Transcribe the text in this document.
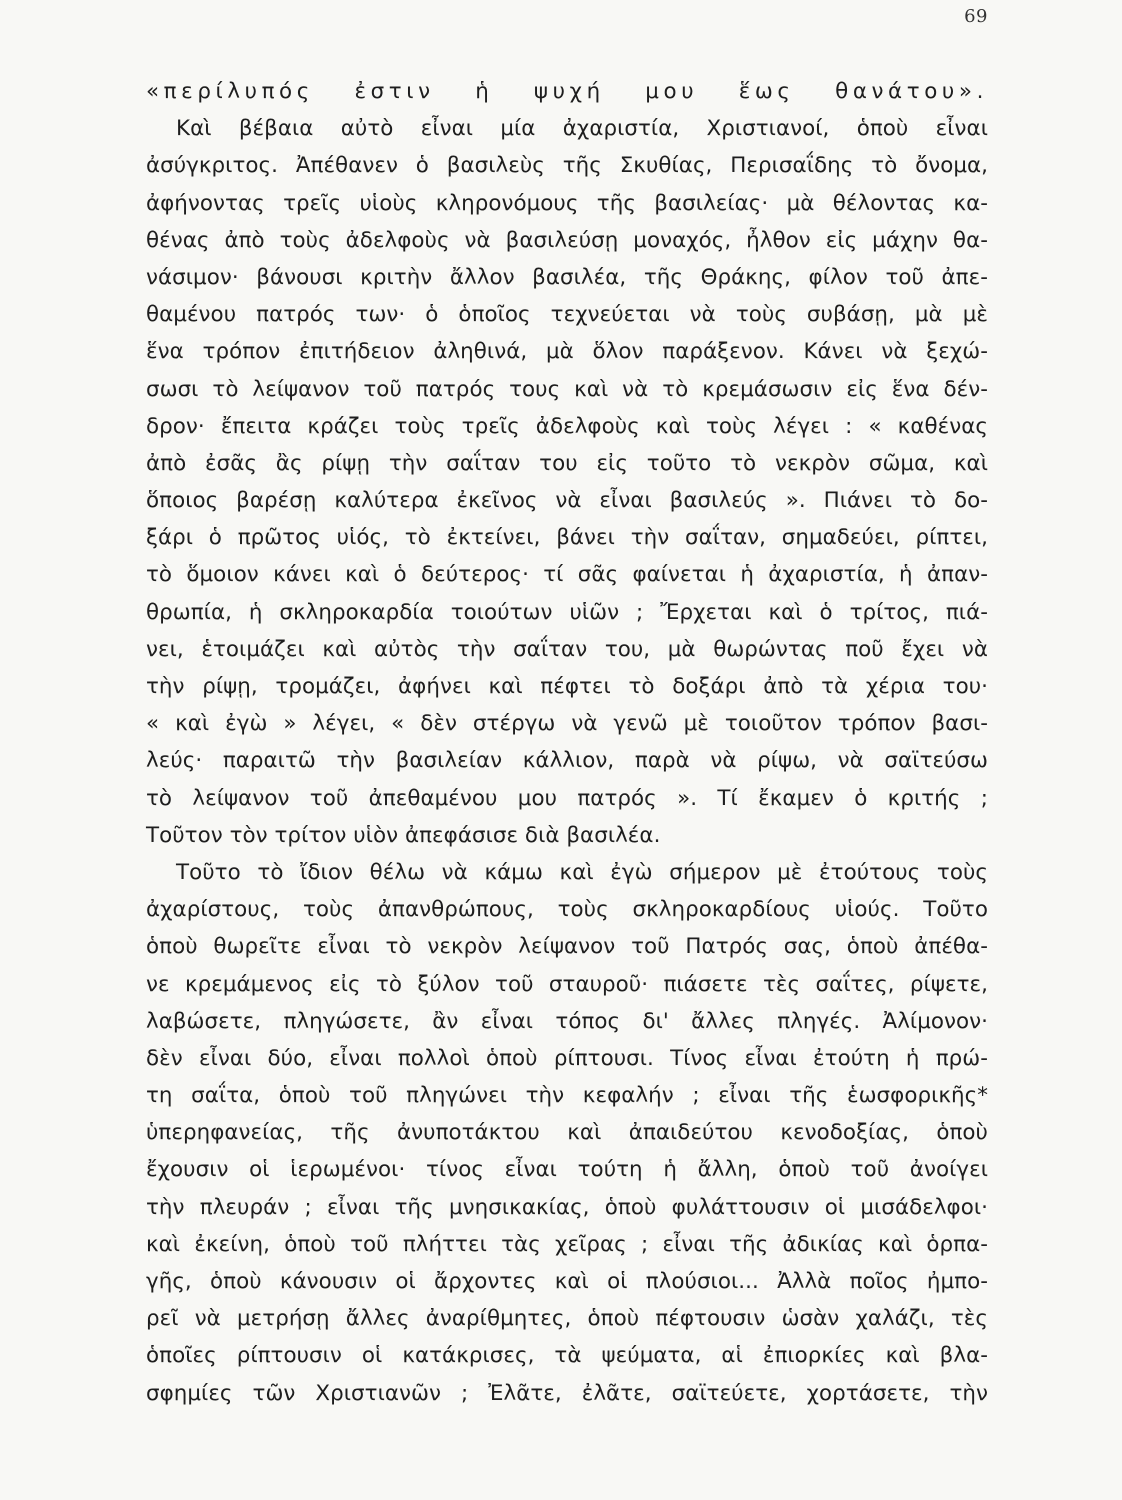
69
«περίλυπός ἐστιν ἡ ψυχή μου ἕως θανάτου».
Καὶ βέβαια αὐτὸ εἶναι μία ἀχαριστία, Χριστιανοί, ὁποὺ εἶναι
ἀσύγκριτος. Ἀπέθανεν ὁ βασιλεὺς τῆς Σκυθίας, Περισαΐδης τὸ ὄνομα,
ἀφήνοντας τρεῖς υἱοὺς κληρονόμους τῆς βασιλείας· μὰ θέλοντας κα-
θένας ἀπὸ τοὺς ἀδελφοὺς νὰ βασιλεύσῃ μοναχός, ἦλθον εἰς μάχην θα-
νάσιμον· βάνουσι κριτὴν ἄλλον βασιλέα, τῆς Θράκης, φίλον τοῦ ἀπε-
θαμένου πατρός των· ὁ ὁποῖος τεχνεύεται νὰ τοὺς συβάσῃ, μὰ μὲ
ἕνα τρόπον ἐπιτήδειον ἀληθινά, μὰ ὅλον παράξενον. Κάνει νὰ ξεχώ-
σωσι τὸ λείψανον τοῦ πατρός τους καὶ νὰ τὸ κρεμάσωσιν εἰς ἕνα δέν-
δρον· ἔπειτα κράζει τοὺς τρεῖς ἀδελφοὺς καὶ τοὺς λέγει : « καθένας
ἀπὸ ἐσᾶς ἂς ρίψῃ τὴν σαΐταν του εἰς τοῦτο τὸ νεκρὸν σῶμα, καὶ
ὅποιος βαρέσῃ καλύτερα ἐκεῖνος νὰ εἶναι βασιλεύς ». Πιάνει τὸ δο-
ξάρι ὁ πρῶτος υἱός, τὸ ἐκτείνει, βάνει τὴν σαΐταν, σημαδεύει, ρίπτει,
τὸ ὅμοιον κάνει καὶ ὁ δεύτερος· τί σᾶς φαίνεται ἡ ἀχαριστία, ἡ ἀπαν-
θρωπία, ἡ σκληροκαρδία τοιούτων υἱῶν ; Ἔρχεται καὶ ὁ τρίτος, πιά-
νει, ἑτοιμάζει καὶ αὐτὸς τὴν σαΐταν του, μὰ θωρώντας ποῦ ἔχει νὰ
τὴν ρίψῃ, τρομάζει, ἀφήνει καὶ πέφτει τὸ δοξάρι ἀπὸ τὰ χέρια του·
« καὶ ἐγὼ » λέγει, « δὲν στέργω νὰ γενῶ μὲ τοιοῦτον τρόπον βασι-
λεύς· παραιτῶ τὴν βασιλείαν κάλλιον, παρὰ νὰ ρίψω, νὰ σαϊτεύσω
τὸ λείψανον τοῦ ἀπεθαμένου μου πατρός ». Τί ἔκαμεν ὁ κριτής ;
Τοῦτον τὸν τρίτον υἱὸν ἀπεφάσισε διὰ βασιλέα.
Τοῦτο τὸ ἴδιον θέλω νὰ κάμω καὶ ἐγὼ σήμερον μὲ ἐτούτους τοὺς
ἀχαρίστους, τοὺς ἀπανθρώπους, τοὺς σκληροκαρδίους υἱούς. Τοῦτο
ὁποὺ θωρεῖτε εἶναι τὸ νεκρὸν λείψανον τοῦ Πατρός σας, ὁποὺ ἀπέθα-
νε κρεμάμενος εἰς τὸ ξύλον τοῦ σταυροῦ· πιάσετε τὲς σαΐτες, ρίψετε,
λαβώσετε, πληγώσετε, ἂν εἶναι τόπος δι' ἄλλες πληγές. Ἀλίμονον·
δὲν εἶναι δύο, εἶναι πολλοὶ ὁποὺ ρίπτουσι. Τίνος εἶναι ἐτούτη ἡ πρώ-
τη σαΐτα, ὁποὺ τοῦ πληγώνει τὴν κεφαλήν ; εἶναι τῆς ἑωσφορικῆς*
ὑπερηφανείας, τῆς ἀνυποτάκτου καὶ ἀπαιδεύτου κενοδοξίας, ὁποὺ
ἔχουσιν οἱ ἱερωμένοι· τίνος εἶναι τούτη ἡ ἄλλη, ὁποὺ τοῦ ἀνοίγει
τὴν πλευράν ; εἶναι τῆς μνησικακίας, ὁποὺ φυλάττουσιν οἱ μισάδελφοι·
καὶ ἐκείνη, ὁποὺ τοῦ πλήττει τὰς χεῖρας ; εἶναι τῆς ἀδικίας καὶ ὁρπα-
γῆς, ὁποὺ κάνουσιν οἱ ἄρχοντες καὶ οἱ πλούσιοι... Ἀλλὰ ποῖος ἠμπο-
ρεῖ νὰ μετρήσῃ ἄλλες ἀναρίθμητες, ὁποὺ πέφτουσιν ὡσὰν χαλάζι, τὲς
ὁποῖες ρίπτουσιν οἱ κατάκρισες, τὰ ψεύματα, αἱ ἐπιορκίες καὶ βλα-
σφημίες τῶν Χριστιανῶν ; Ἐλᾶτε, ἐλᾶτε, σαϊτεύετε, χορτάσετε, τὴν
